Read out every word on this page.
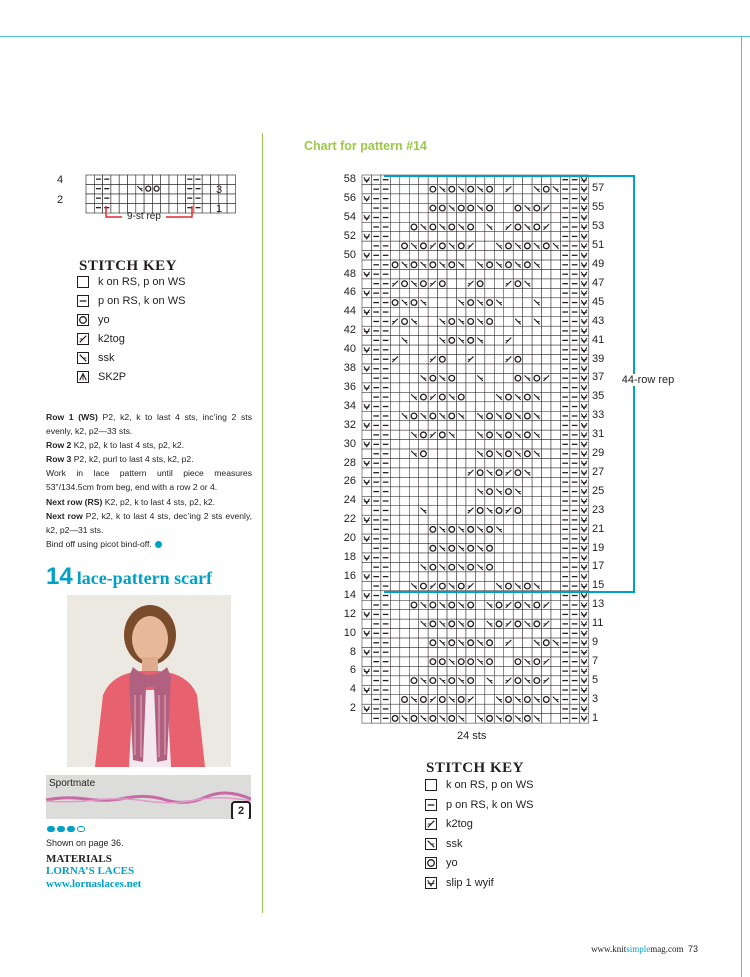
4
2
3
1
9-st rep
STITCH KEY
k on RS, p on WS
p on RS, k on WS
yo
k2tog
ssk
SK2P

Row 1 (WS) P2, k2, k to last 4 sts, inc’ing 2 sts evenly, k2, p2—33 sts.

Row 2 K2, p2, k to last 4 sts, p2, k2.

Row 3 P2, k2, purl to last 4 sts, k2, p2.

Work in lace pattern until piece measures 53"/134.5cm from beg, end with a row 2 or 4.

Next row (RS) K2, p2, k to last 4 sts, p2, k2.

Next row P2, k2, k to last 4 sts, dec’ing 2 sts evenly, k2, p2—31 sts.

Bind off using picot bind-off.

14 lace-pattern scarf
Sportmate
2
Shown on page 36.
MATERIALS
LORNA’S LACES
www.lornaslaces.net
Chart for pattern #14
58
56
54
52
50
48
46
44
42
40
38
36
34
32
30
28
26
24
22
20
18
16
14
12
10
8
6
4
2
57
55
53
51
49
47
45
43
41
39
37
35
33
31
29
27
25
23
21
19
17
15
13
11
9
7
5
3
1
24 sts
44-row rep
STITCH KEY
k on RS, p on WS
p on RS, k on WS
k2tog
ssk
yo
slip 1 wyif
www.knitsimplemag.com 73
